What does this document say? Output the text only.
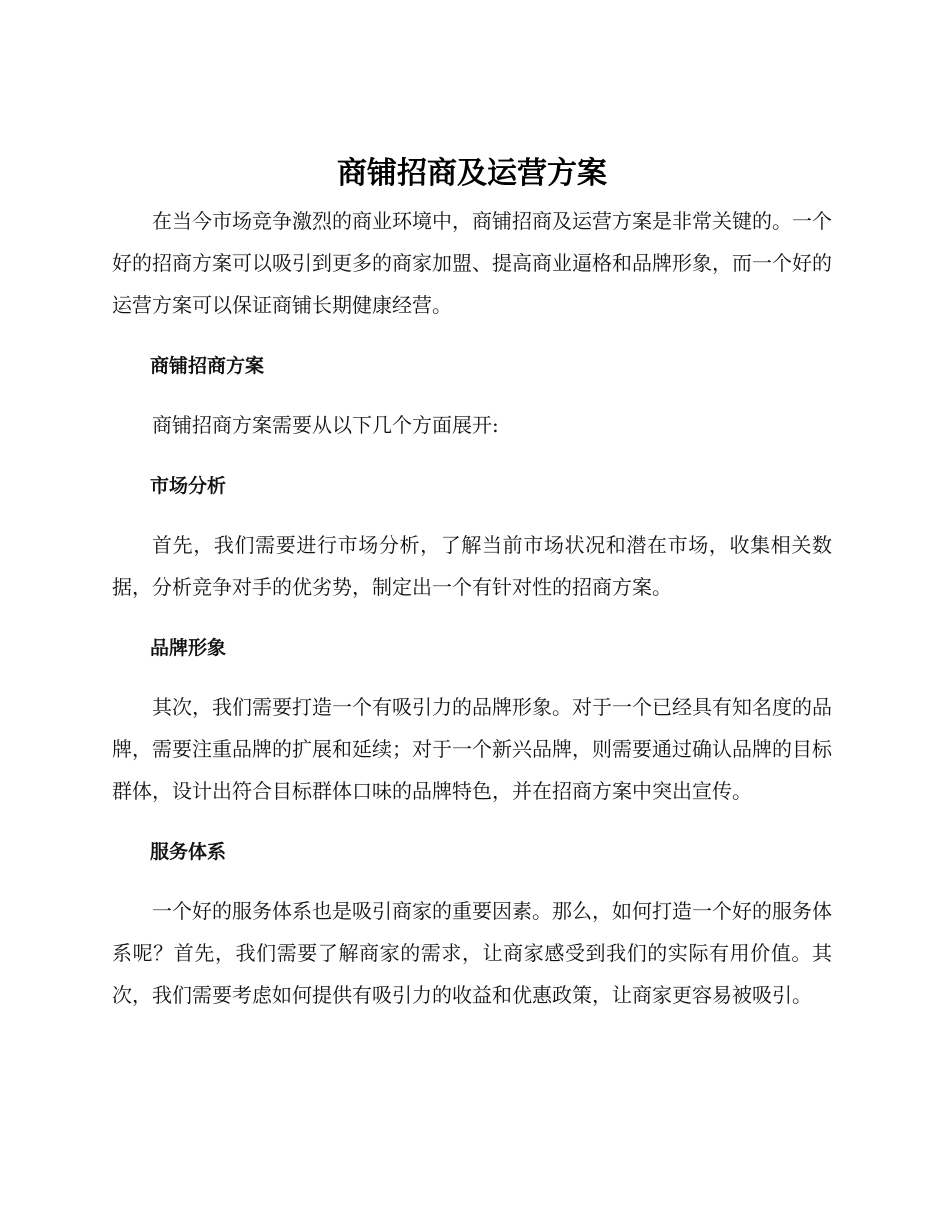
商铺招商及运营方案

在当今市场竞争激烈的商业环境中，商铺招商及运营方案是非常关键的。一个好的招商方案可以吸引到更多的商家加盟、提高商业逼格和品牌形象，而一个好的运营方案可以保证商铺长期健康经营。

商铺招商方案

商铺招商方案需要从以下几个方面展开:

市场分析

首先，我们需要进行市场分析，了解当前市场状况和潜在市场，收集相关数据，分析竞争对手的优劣势，制定出一个有针对性的招商方案。

品牌形象

其次，我们需要打造一个有吸引力的品牌形象。对于一个已经具有知名度的品牌，需要注重品牌的扩展和延续；对于一个新兴品牌，则需要通过确认品牌的目标群体，设计出符合目标群体口味的品牌特色，并在招商方案中突出宣传。

服务体系

一个好的服务体系也是吸引商家的重要因素。那么，如何打造一个好的服务体系呢？首先，我们需要了解商家的需求，让商家感受到我们的实际有用价值。其次，我们需要考虑如何提供有吸引力的收益和优惠政策，让商家更容易被吸引。
